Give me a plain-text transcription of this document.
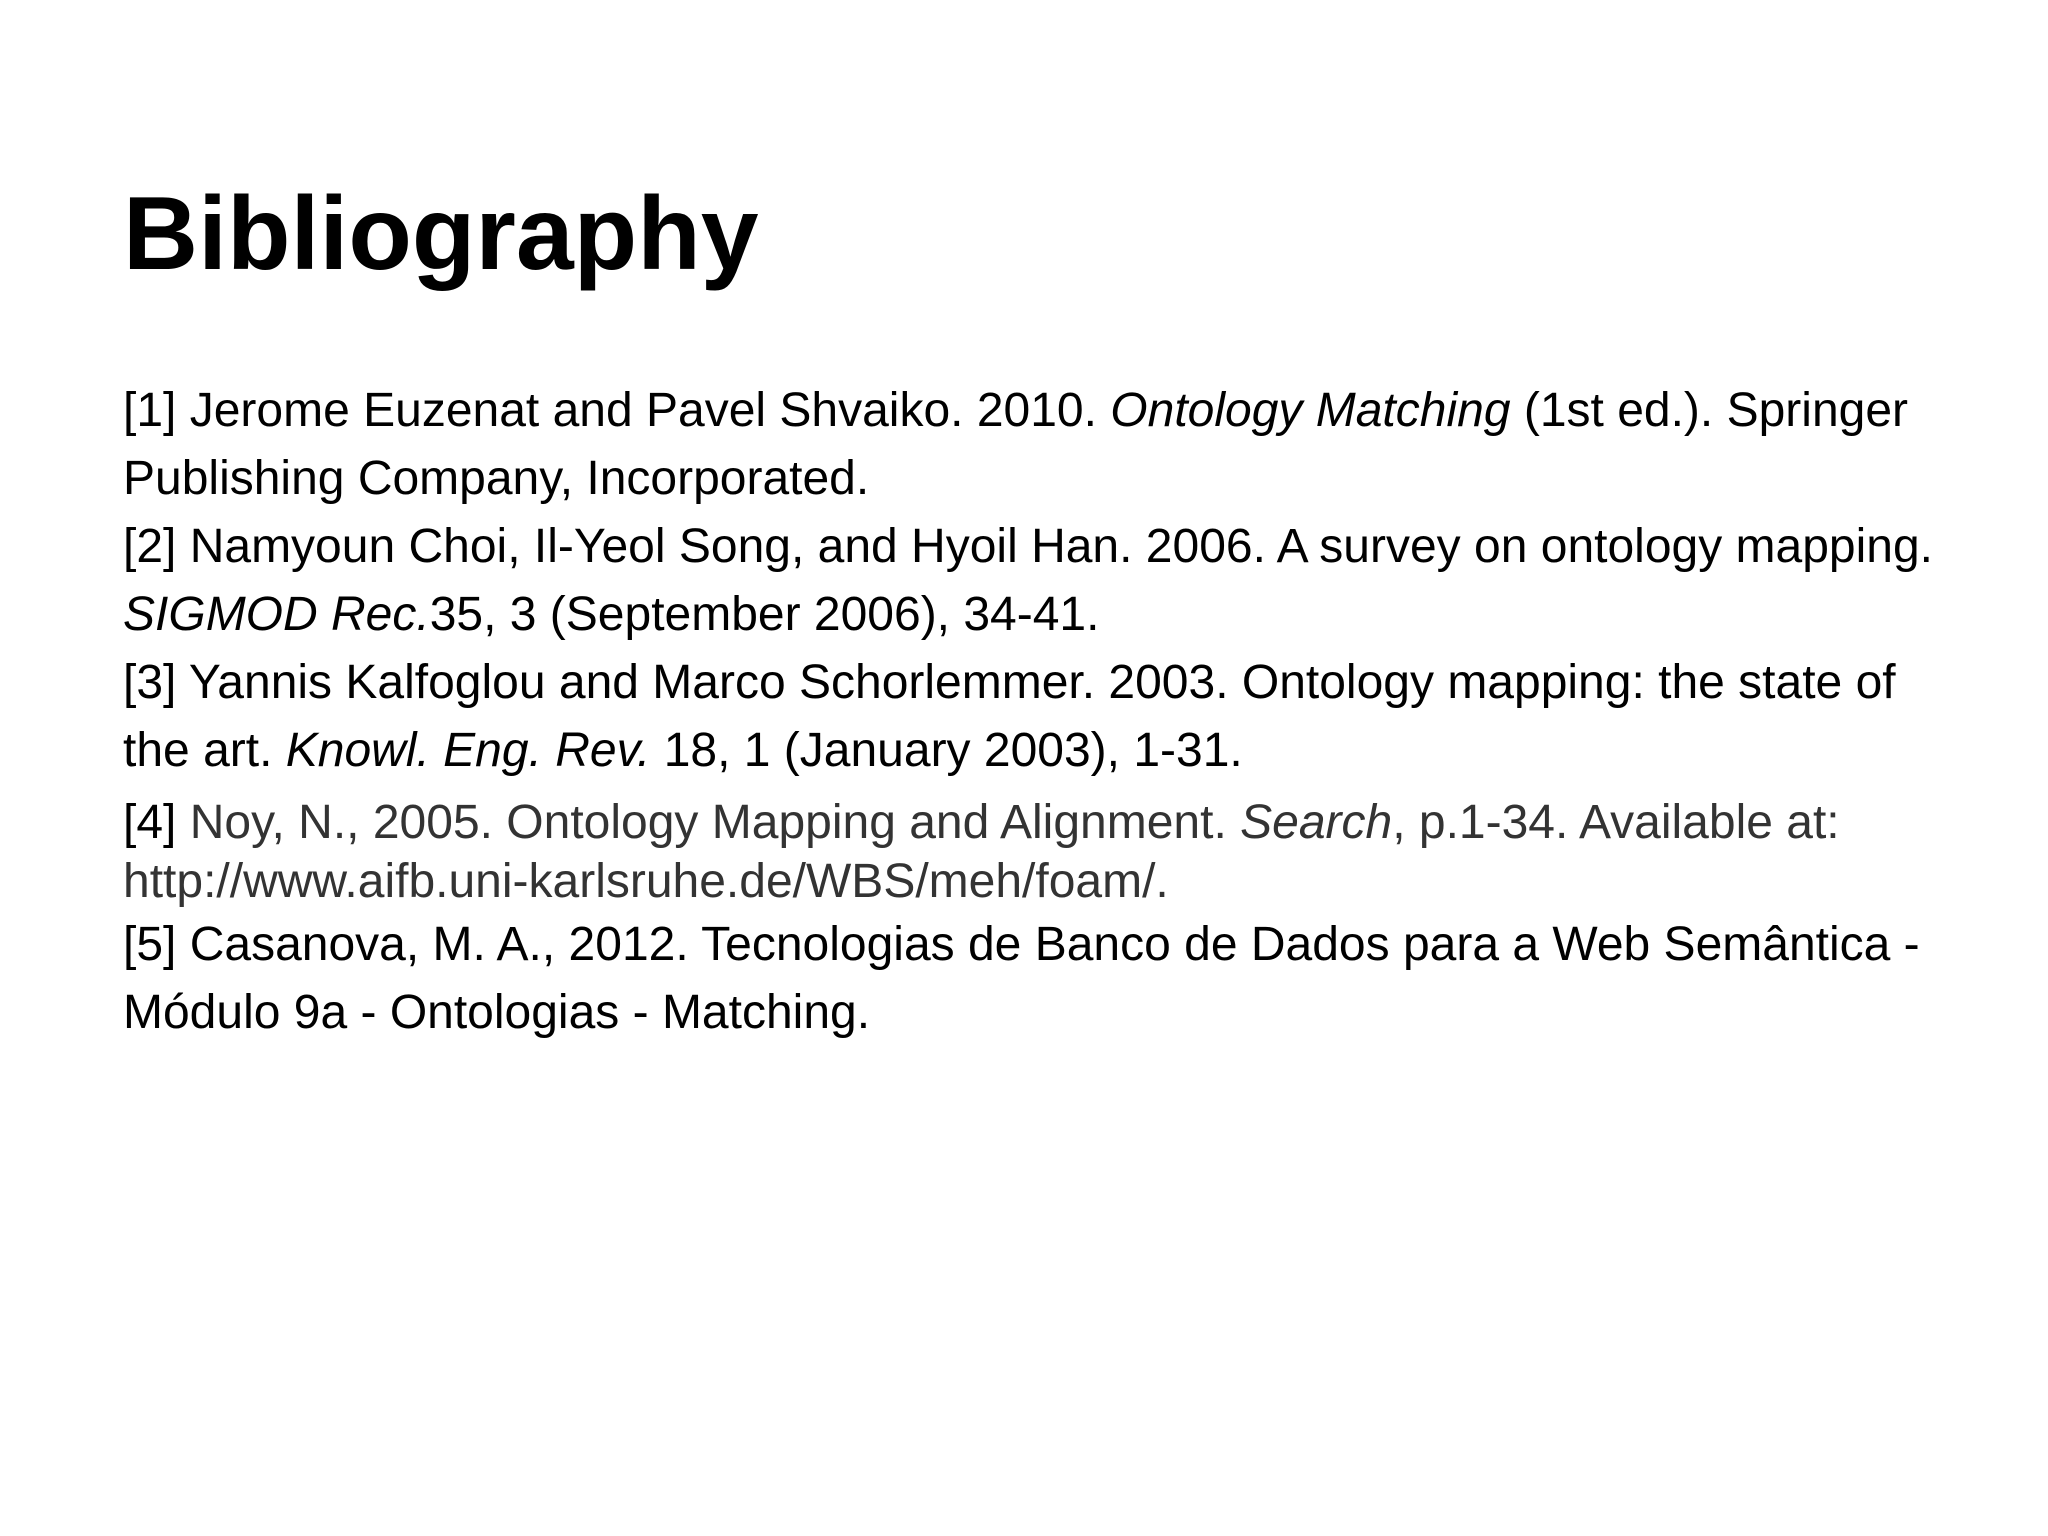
Bibliography

[1] Jerome Euzenat and Pavel Shvaiko. 2010. Ontology Matching (1st ed.). Springer Publishing Company, Incorporated.

[2] Namyoun Choi, Il-Yeol Song, and Hyoil Han. 2006. A survey on ontology mapping. SIGMOD Rec.35, 3 (September 2006), 34-41.

[3] Yannis Kalfoglou and Marco Schorlemmer. 2003. Ontology mapping: the state of the art. Knowl. Eng. Rev. 18, 1 (January 2003), 1-31.

[4] Noy, N., 2005. Ontology Mapping and Alignment. Search, p.1-34. Available at: http://www.aifb.uni-karlsruhe.de/WBS/meh/foam/.

[5] Casanova, M. A., 2012. Tecnologias de Banco de Dados para a Web Semântica - Módulo 9a - Ontologias - Matching.
